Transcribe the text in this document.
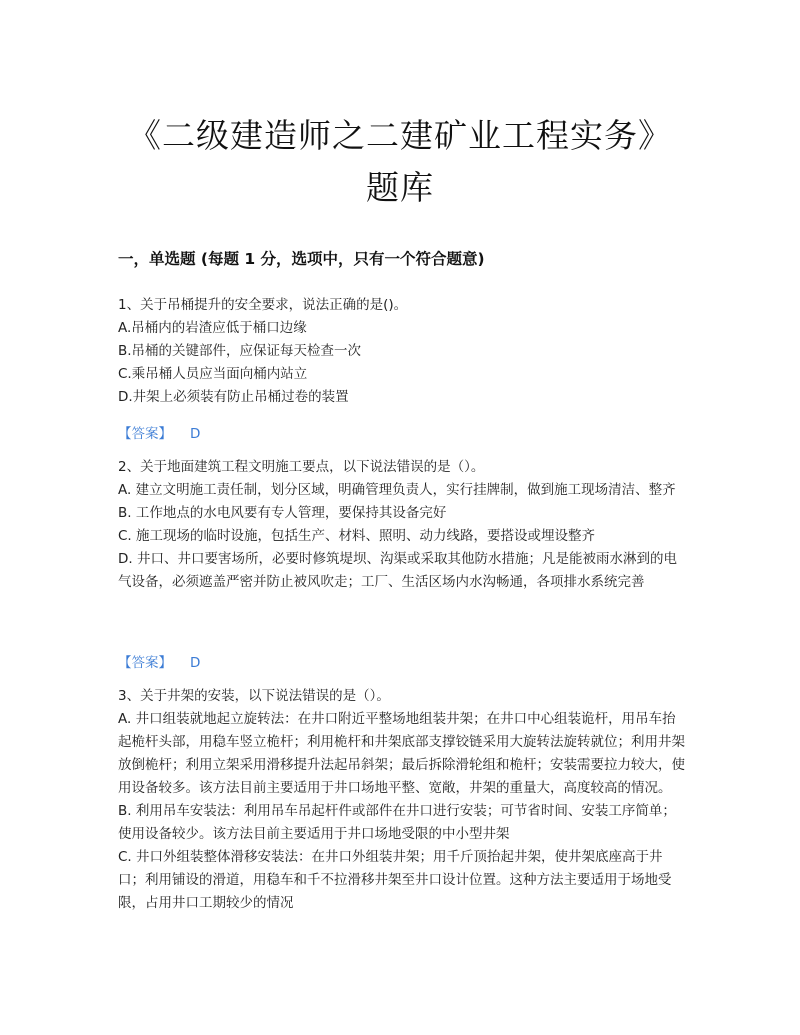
《二级建造师之二建矿业工程实务》
题库
一，单选题 (每题 1 分，选项中，只有一个符合题意)

1、关于吊桶提升的安全要求，说法正确的是()。

A.吊桶内的岩渣应低于桶口边缘

B.吊桶的关键部件，应保证每天检查一次

C.乘吊桶人员应当面向桶内站立

D.井架上必须装有防止吊桶过卷的装置

【答案】 D

2、关于地面建筑工程文明施工要点，以下说法错误的是（）。

A. 建立文明施工责任制，划分区域，明确管理负责人，实行挂牌制，做到施工现场清洁、整齐

B. 工作地点的水电风要有专人管理，要保持其设备完好

C. 施工现场的临时设施，包括生产、材料、照明、动力线路，要搭设或埋设整齐

D. 井口、井口要害场所，必要时修筑堤坝、沟渠或采取其他防水措施；凡是能被雨水淋到的电气设备，必须遮盖严密并防止被风吹走；工厂、生活区场内水沟畅通，各项排水系统完善

【答案】 D

3、关于井架的安装，以下说法错误的是（）。

A. 井口组装就地起立旋转法：在井口附近平整场地组装井架；在井口中心组装诡杆，用吊车抬起桅杆头部，用稳车竖立桅杆；利用桅杆和井架底部支撑铰链采用大旋转法旋转就位；利用井架放倒桅杆；利用立架采用滑移提升法起吊斜架；最后拆除滑轮组和桅杆；安装需要拉力较大，使用设备较多。该方法目前主要适用于井口场地平整、宽敞，井架的重量大，高度较高的情况。

B. 利用吊车安装法：利用吊车吊起杆件或部件在井口进行安装；可节省时间、安装工序简单；使用设备较少。该方法目前主要适用于井口场地受限的中小型井架

C. 井口外组装整体滑移安装法：在井口外组装井架；用千斤顶抬起井架，使井架底座高于井口；利用铺设的滑道，用稳车和千不拉滑移井架至井口设计位置。这种方法主要适用于场地受限，占用井口工期较少的情况
